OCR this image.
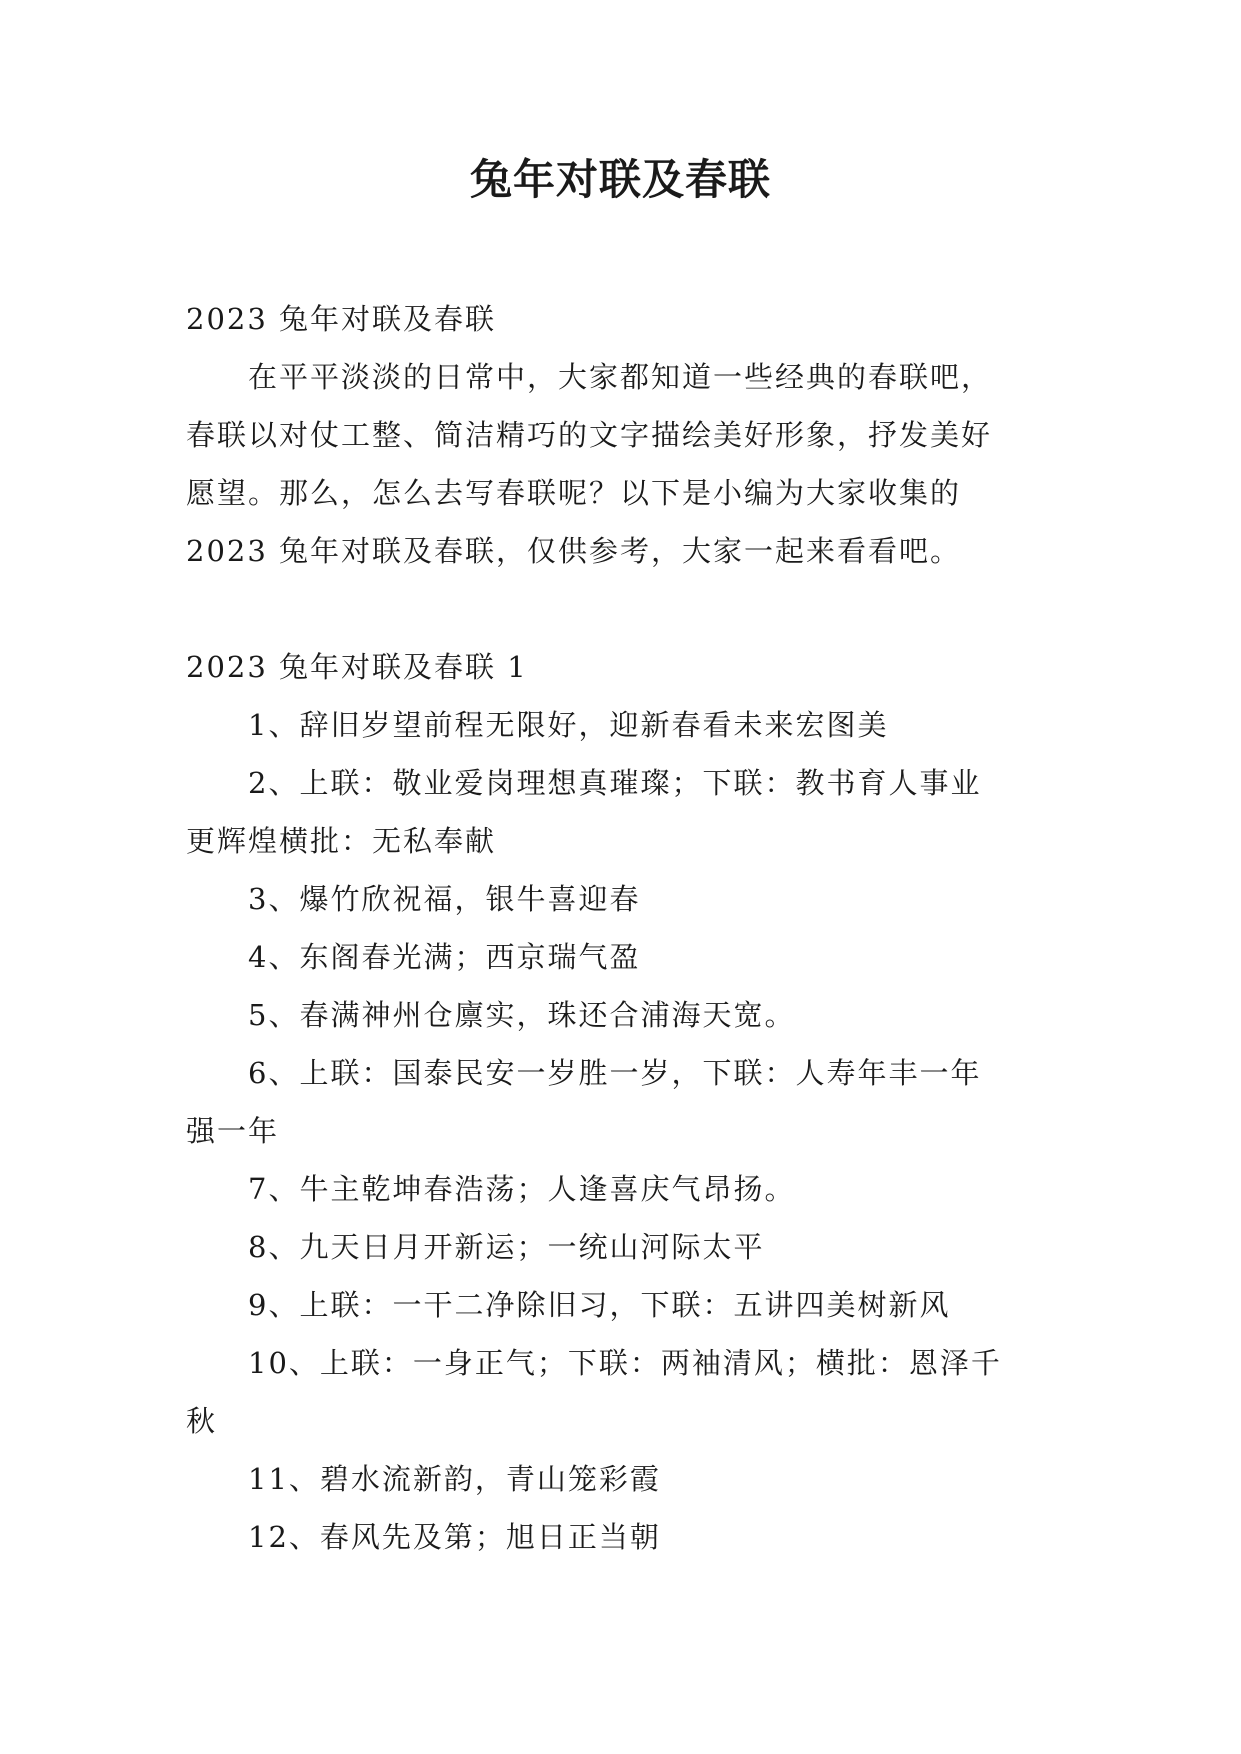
兔年对联及春联
2023 兔年对联及春联
在平平淡淡的日常中，大家都知道一些经典的春联吧，
春联以对仗工整、简洁精巧的文字描绘美好形象，抒发美好
愿望。那么，怎么去写春联呢？以下是小编为大家收集的
2023 兔年对联及春联，仅供参考，大家一起来看看吧。
2023 兔年对联及春联 1
1、辞旧岁望前程无限好，迎新春看未来宏图美
2、上联：敬业爱岗理想真璀璨；下联：教书育人事业
更辉煌横批：无私奉献
3、爆竹欣祝福，银牛喜迎春
4、东阁春光满；西京瑞气盈
5、春满神州仓廪实，珠还合浦海天宽。
6、上联：国泰民安一岁胜一岁，下联：人寿年丰一年
强一年
7、牛主乾坤春浩荡；人逢喜庆气昂扬。
8、九天日月开新运；一统山河际太平
9、上联：一干二净除旧习，下联：五讲四美树新风
10、上联：一身正气；下联：两袖清风；横批：恩泽千
秋
11、碧水流新韵，青山笼彩霞
12、春风先及第；旭日正当朝
